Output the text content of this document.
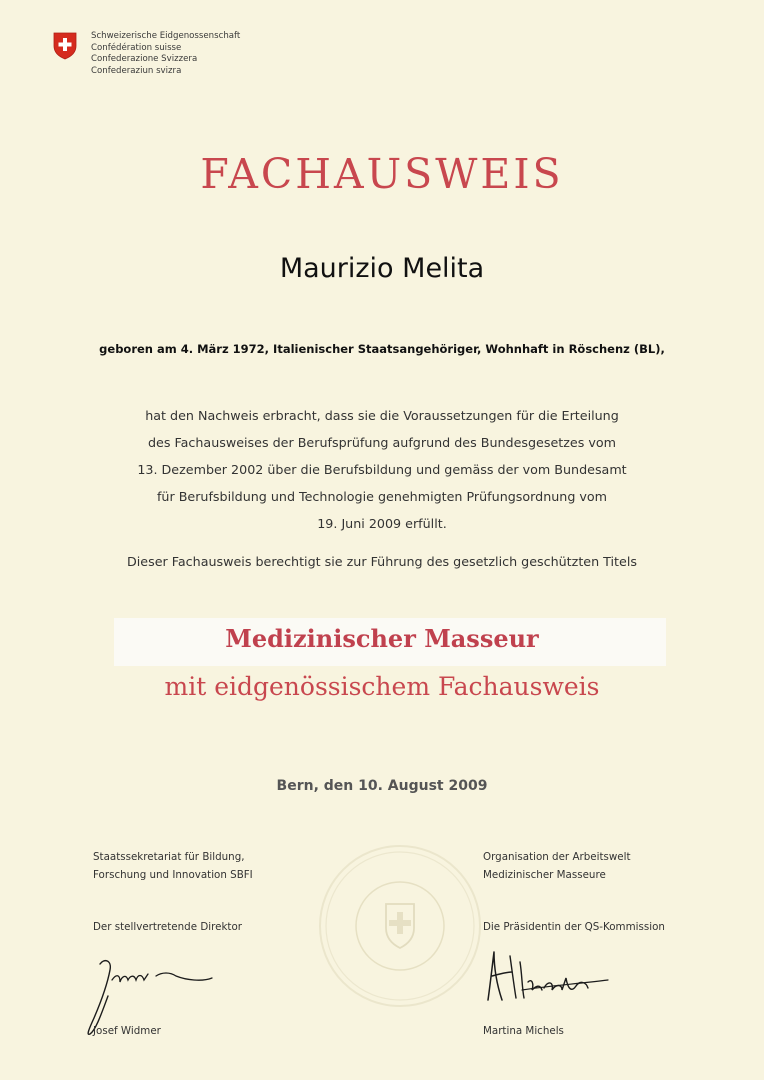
Schweizerische Eidgenossenschaft
Confédération suisse
Confederazione Svizzera
Confederaziun svizra
FACHAUSWEIS
Maurizio Melita
geboren am 4. März 1972, Italienischer Staatsangehöriger, Wohnhaft in Röschenz (BL),
hat den Nachweis erbracht, dass sie die Voraussetzungen für die Erteilung
des Fachausweises der Berufsprüfung aufgrund des Bundesgesetzes vom
13. Dezember 2002 über die Berufsbildung und gemäss der vom Bundesamt
für Berufsbildung und Technologie genehmigten Prüfungsordnung vom
19. Juni 2009 erfüllt.
Dieser Fachausweis berechtigt sie zur Führung des gesetzlich geschützten Titels
Medizinischer Masseur
mit eidgenössischem Fachausweis
Bern, den 10. August 2009
Staatssekretariat für Bildung,
Forschung und Innovation SBFI
Der stellvertretende Direktor
Josef Widmer
Organisation der Arbeitswelt
Medizinischer Masseure
Die Präsidentin der QS-Kommission
Martina Michels
